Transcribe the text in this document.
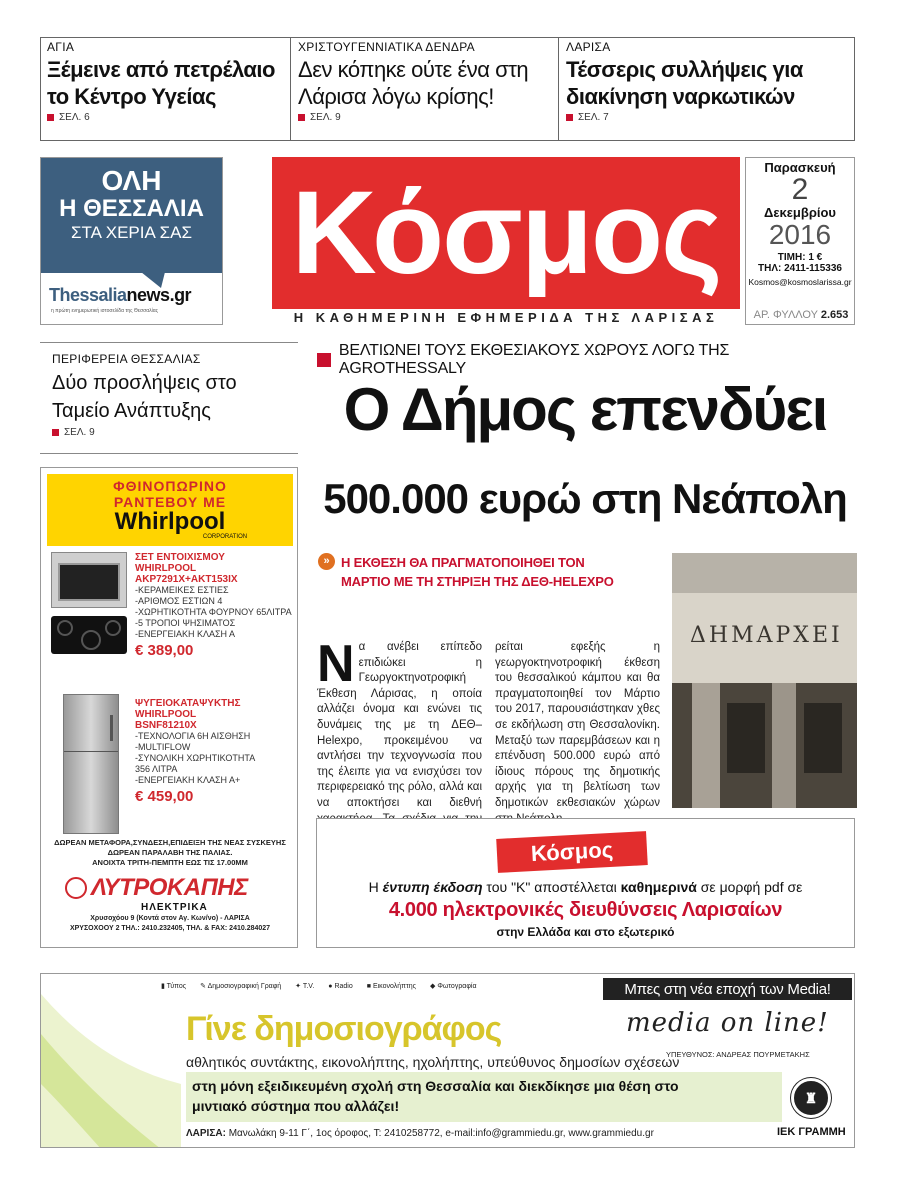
ΑΓΙΑ
Ξέμεινε από πετρέλαιο το Κέντρο Υγείας
ΣΕΛ. 6
ΧΡΙΣΤΟΥΓΕΝΝΙΑΤΙΚΑ ΔΕΝΔΡΑ
Δεν κόπηκε ούτε ένα στη Λάρισα λόγω κρίσης!
ΣΕΛ. 9
ΛΑΡΙΣΑ
Τέσσερις συλλήψεις για διακίνηση ναρκωτικών
ΣΕΛ. 7
ΟΛΗ
Η ΘΕΣΣΑΛΙΑ
ΣΤΑ ΧΕΡΙΑ ΣΑΣ
Thessalianews.gr
η πρώτη ενημερωτική ιστοσελίδα της Θεσσαλίας
Κόσμος
Η ΚΑΘΗΜΕΡΙΝΗ ΕΦΗΜΕΡΙΔΑ ΤΗΣ ΛΑΡΙΣΑΣ
Παρασκευή
2
Δεκεμβρίου
2016
ΤΙΜΗ: 1 €
ΤΗΛ: 2411-115336
Kosmos@kosmoslarissa.gr
ΑΡ. ΦΥΛΛΟΥ 2.653
ΠΕΡΙΦΕΡΕΙΑ ΘΕΣΣΑΛΙΑΣ
Δύο προσλήψεις στο Ταμείο Ανάπτυξης
ΣΕΛ. 9
ΒΕΛΤΙΩΝΕΙ ΤΟΥΣ ΕΚΘΕΣΙΑΚΟΥΣ ΧΩΡΟΥΣ ΛΟΓΩ ΤΗΣ AGROTHESSALY
Ο Δήμος επενδύει
500.000 ευρώ στη Νεάπολη
» Η ΕΚΘΕΣΗ ΘΑ ΠΡΑΓΜΑΤΟΠΟΙΗΘΕΙ ΤΟΝ ΜΑΡΤΙΟ ΜΕ ΤΗ ΣΤΗΡΙΞΗ ΤΗΣ ΔΕΘ-HELEXPO
Να ανέβει επίπεδο επιδιώκει η Γεωργοκτηνοτροφική Έκθεση Λάρισας, η οποία αλλάζει όνομα και ενώνει τις δυνάμεις της με τη ΔΕΘ–Helexpo, προκειμένου να αντλήσει την τεχνογνωσία που της έλειπε για να ενισχύσει τον περιφερειακό της ρόλο, αλλά και να αποκτήσει και διεθνή
ρείται εφεξής η γεωργοκτηνοτροφική έκθεση του θεσσαλικού κάμπου και θα πραγματοποιηθεί τον Μάρτιο του 2017, παρουσιάστηκαν χθες σε εκδήλωση στη Θεσσαλονίκη. Μεταξύ των παρεμβάσεων και η επένδυση 500.000 ευρώ από ίδιους πόρους της δημοτικής αρχής για τη βελτίωση των δημοτικών εκθεσιακών χώρων
ΔΗΜΑΡΧΕΙ
Κόσμος
Η έντυπη έκδοση του "Κ" αποστέλλεται καθημερινά σε μορφή pdf σε
4.000 ηλεκτρονικές διευθύνσεις Λαρισαίων
στην Ελλάδα και στο εξωτερικό
ΦΘΙΝΟΠΩΡΙΝΟ
ΡΑΝΤΕΒΟΥ ΜΕ
Whirlpool
CORPORATION
ΣΕΤ ΕΝΤΟΙΧΙΣΜΟΥ
WHIRLPOOL
AKP7291X+AKT153IX
-ΚΕΡΑΜΕΙΚΕΣ ΕΣΤΙΕΣ
-ΑΡΙΘΜΟΣ ΕΣΤΙΩΝ 4
-ΧΩΡΗΤΙΚΟΤΗΤΑ ΦΟΥΡΝΟΥ 65ΛΙΤΡΑ
-5 ΤΡΟΠΟΙ ΨΗΣΙΜΑΤΟΣ
-ΕΝΕΡΓΕΙΑΚΗ ΚΛΑΣΗ Α
€ 389,00
ΨΥΓΕΙΟΚΑΤΑΨΥΚΤΗΣ
WHIRLPOOL
BSNF81210X
-ΤΕΧΝΟΛΟΓΙΑ 6Η ΑΙΣΘΗΣΗ
-MULTIFLOW
-ΣΥΝΟΛΙΚΗ ΧΩΡΗΤΙΚΟΤΗΤΑ
356 ΛΙΤΡΑ
-ΕΝΕΡΓΕΙΑΚΗ ΚΛΑΣΗ Α+
€ 459,00
ΔΩΡΕΑΝ ΜΕΤΑΦΟΡΑ,ΣΥΝΔΕΣΗ,ΕΠΙΔΕΙΞΗ ΤΗΣ ΝΕΑΣ ΣΥΣΚΕΥΗΣ
ΔΩΡΕΑΝ ΠΑΡΑΛΑΒΗ ΤΗΣ ΠΑΛΙΑΣ.
ΑΝΟΙΧΤΑ ΤΡΙΤΗ-ΠΕΜΠΤΗ ΕΩΣ ΤΙΣ 17.00ΜΜ
ΛΥΤΡΟΚΑΠΗΣ
ΗΛΕΚΤΡΙΚΑ
Χρυσοχόου 9 (Κοντά στον Αγ. Κων/νο) - ΛΑΡΙΣΑ
ΧΡΥΣΟΧΟΟΥ 2 ΤΗΛ.: 2410.232405, ΤΗΛ. & FAX: 2410.284027
▮ Τύπος ✎ Δημοσιογραφική Γραφή ✦ T.V. ● Radio ■ Εικονολήπτης ◆ Φωτογραφία	Μπες στη νέα εποχή των Media!
Γίνε δημοσιογράφος
αθλητικός συντάκτης, εικονολήπτης, ηχολήπτης, υπεύθυνος δημοσίων σχέσεων
media on line!
ΥΠΕΥΘΥΝΟΣ: ΑΝΔΡΕΑΣ ΠΟΥΡΜΕΤΑΚΗΣ
στη μόνη εξειδικευμένη σχολή στη Θεσσαλία και διεκδίκησε μια θέση στο
μιντιακό σύστημα που αλλάζει!
ΛΑΡΙΣΑ: Μανωλάκη 9-11 Γ΄, 1ος όροφος, Τ: 2410258772, e-mail:info@grammiedu.gr, www.grammiedu.gr
♜
ΙΕΚ ΓΡΑΜΜΗ
